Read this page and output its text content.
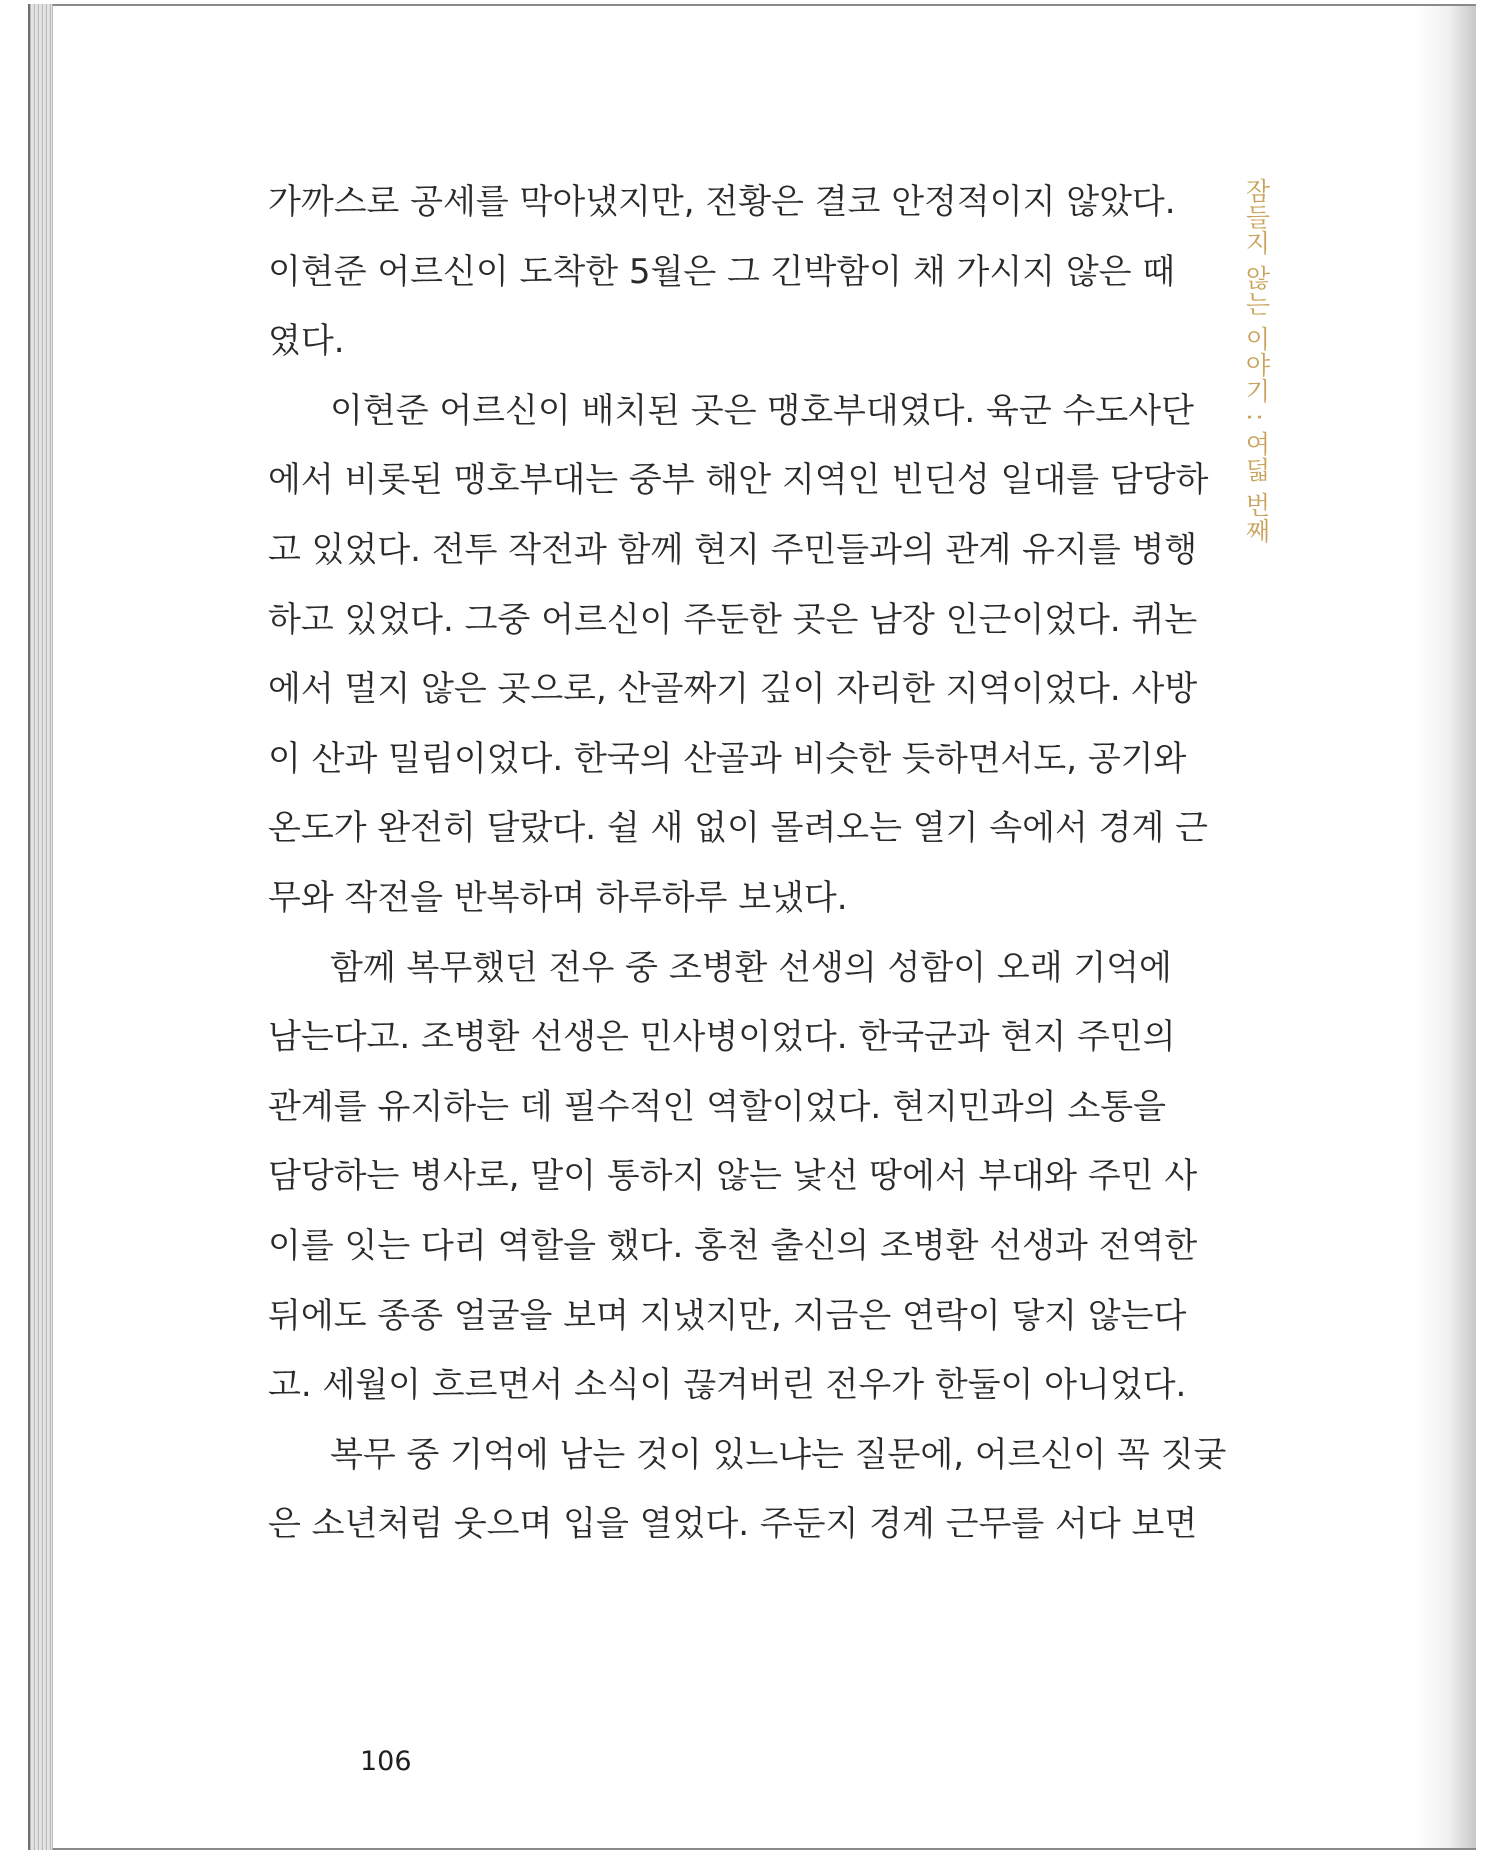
잠들지 않는 이야기 : 여덟 번째
가까스로 공세를 막아냈지만, 전황은 결코 안정적이지 않았다.
이현준 어르신이 도착한 5월은 그 긴박함이 채 가시지 않은 때
였다.
이현준 어르신이 배치된 곳은 맹호부대였다. 육군 수도사단
에서 비롯된 맹호부대는 중부 해안 지역인 빈딘성 일대를 담당하
고 있었다. 전투 작전과 함께 현지 주민들과의 관계 유지를 병행
하고 있었다. 그중 어르신이 주둔한 곳은 남장 인근이었다. 퀴논
에서 멀지 않은 곳으로, 산골짜기 깊이 자리한 지역이었다. 사방
이 산과 밀림이었다. 한국의 산골과 비슷한 듯하면서도, 공기와
온도가 완전히 달랐다. 쉴 새 없이 몰려오는 열기 속에서 경계 근
무와 작전을 반복하며 하루하루 보냈다.
함께 복무했던 전우 중 조병환 선생의 성함이 오래 기억에
남는다고. 조병환 선생은 민사병이었다. 한국군과 현지 주민의
관계를 유지하는 데 필수적인 역할이었다. 현지민과의 소통을
담당하는 병사로, 말이 통하지 않는 낯선 땅에서 부대와 주민 사
이를 잇는 다리 역할을 했다. 홍천 출신의 조병환 선생과 전역한
뒤에도 종종 얼굴을 보며 지냈지만, 지금은 연락이 닿지 않는다
고. 세월이 흐르면서 소식이 끊겨버린 전우가 한둘이 아니었다.
복무 중 기억에 남는 것이 있느냐는 질문에, 어르신이 꼭 짓궂
은 소년처럼 웃으며 입을 열었다. 주둔지 경계 근무를 서다 보면
106
